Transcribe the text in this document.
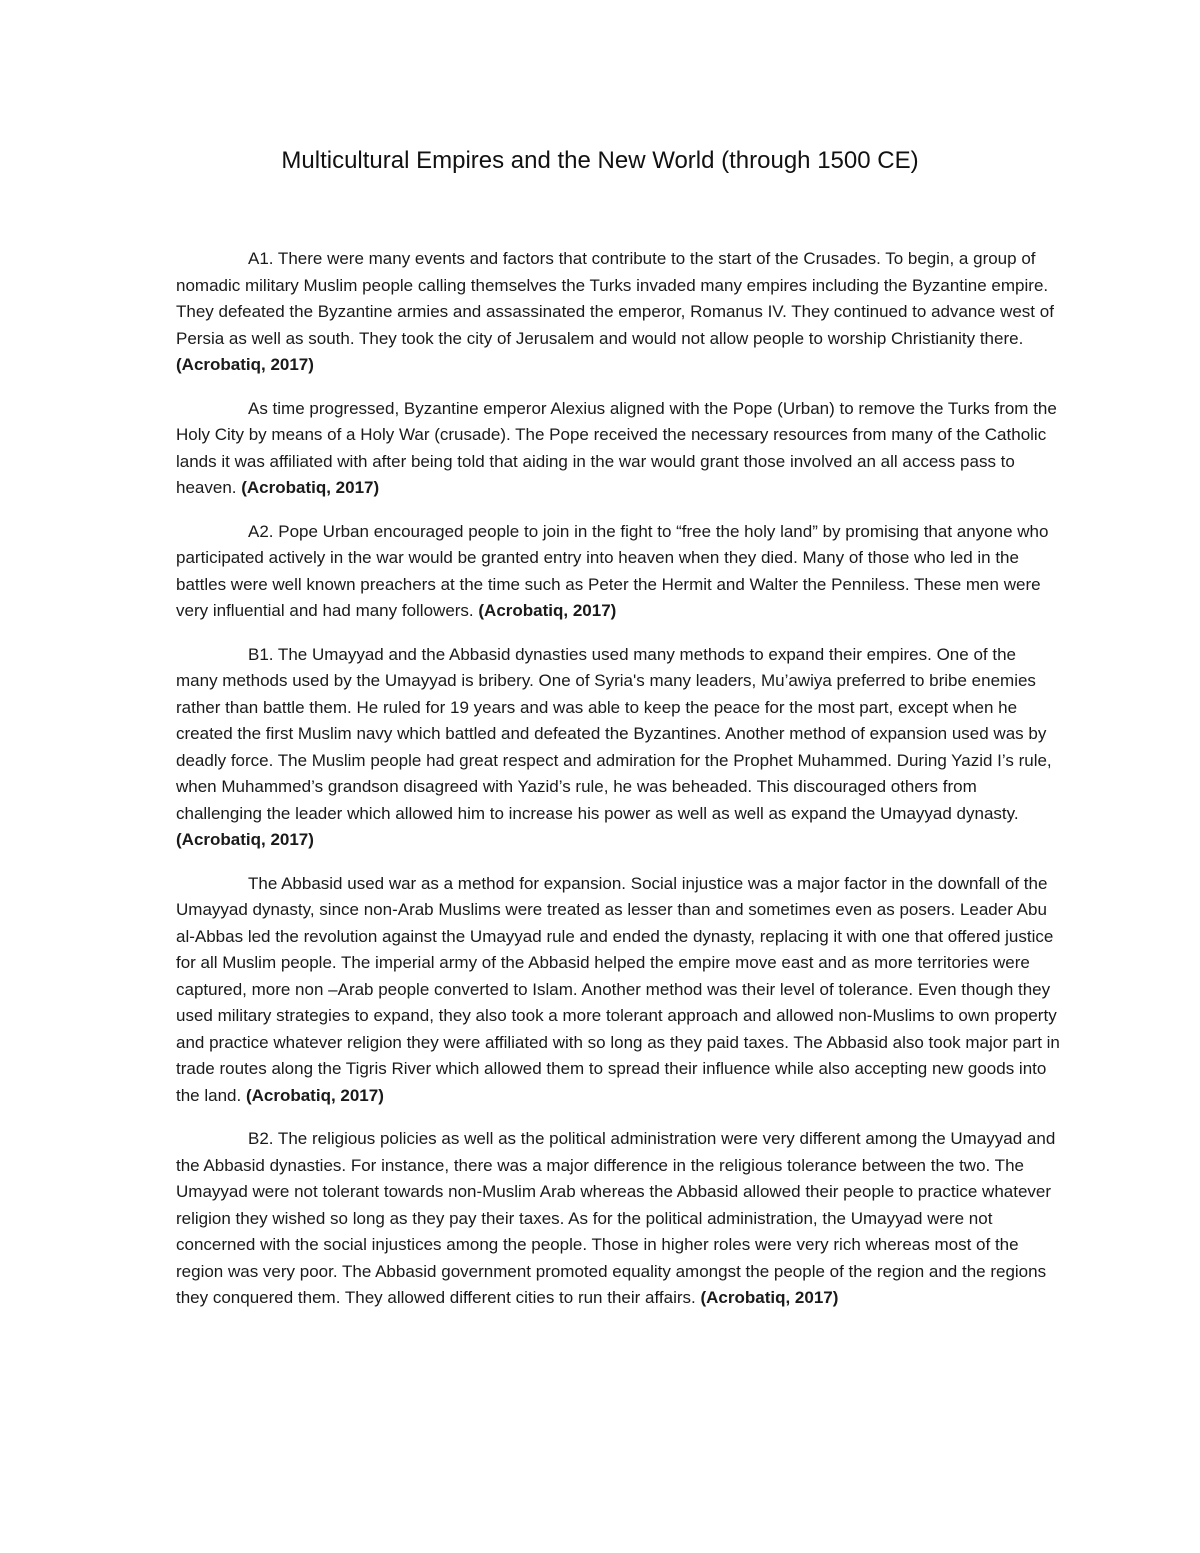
Multicultural Empires and the New World (through 1500 CE)

A1. There were many events and factors that contribute to the start of the Crusades. To begin, a group of nomadic military Muslim people calling themselves the Turks invaded many empires including the Byzantine empire. They defeated the Byzantine armies and assassinated the emperor, Romanus IV. They continued to advance west of Persia as well as south. They took the city of Jerusalem and would not allow people to worship Christianity there. (Acrobatiq, 2017)

As time progressed, Byzantine emperor Alexius aligned with the Pope (Urban) to remove the Turks from the Holy City by means of a Holy War (crusade). The Pope received the necessary resources from many of the Catholic lands it was affiliated with after being told that aiding in the war would grant those involved an all access pass to heaven. (Acrobatiq, 2017)

A2. Pope Urban encouraged people to join in the fight to “free the holy land” by promising that anyone who participated actively in the war would be granted entry into heaven when they died. Many of those who led in the battles were well known preachers at the time such as Peter the Hermit and Walter the Penniless. These men were very influential and had many followers. (Acrobatiq, 2017)

B1. The Umayyad and the Abbasid dynasties used many methods to expand their empires. One of the many methods used by the Umayyad is bribery. One of Syria's many leaders, Mu’awiya preferred to bribe enemies rather than battle them. He ruled for 19 years and was able to keep the peace for the most part, except when he created the first Muslim navy which battled and defeated the Byzantines. Another method of expansion used was by deadly force. The Muslim people had great respect and admiration for the Prophet Muhammed. During Yazid I’s rule, when Muhammed’s grandson disagreed with Yazid’s rule, he was beheaded. This discouraged others from challenging the leader which allowed him to increase his power as well as well as expand the Umayyad dynasty. (Acrobatiq, 2017)

The Abbasid used war as a method for expansion. Social injustice was a major factor in the downfall of the Umayyad dynasty, since non-Arab Muslims were treated as lesser than and sometimes even as posers. Leader Abu al-Abbas led the revolution against the Umayyad rule and ended the dynasty, replacing it with one that offered justice for all Muslim people. The imperial army of the Abbasid helped the empire move east and as more territories were captured, more non –Arab people converted to Islam. Another method was their level of tolerance. Even though they used military strategies to expand, they also took a more tolerant approach and allowed non-Muslims to own property and practice whatever religion they were affiliated with so long as they paid taxes. The Abbasid also took major part in trade routes along the Tigris River which allowed them to spread their influence while also accepting new goods into the land. (Acrobatiq, 2017)

B2. The religious policies as well as the political administration were very different among the Umayyad and the Abbasid dynasties. For instance, there was a major difference in the religious tolerance between the two. The Umayyad were not tolerant towards non-Muslim Arab whereas the Abbasid allowed their people to practice whatever religion they wished so long as they pay their taxes. As for the political administration, the Umayyad were not concerned with the social injustices among the people. Those in higher roles were very rich whereas most of the region was very poor. The Abbasid government promoted equality amongst the people of the region and the regions they conquered them. They allowed different cities to run their affairs. (Acrobatiq, 2017)
